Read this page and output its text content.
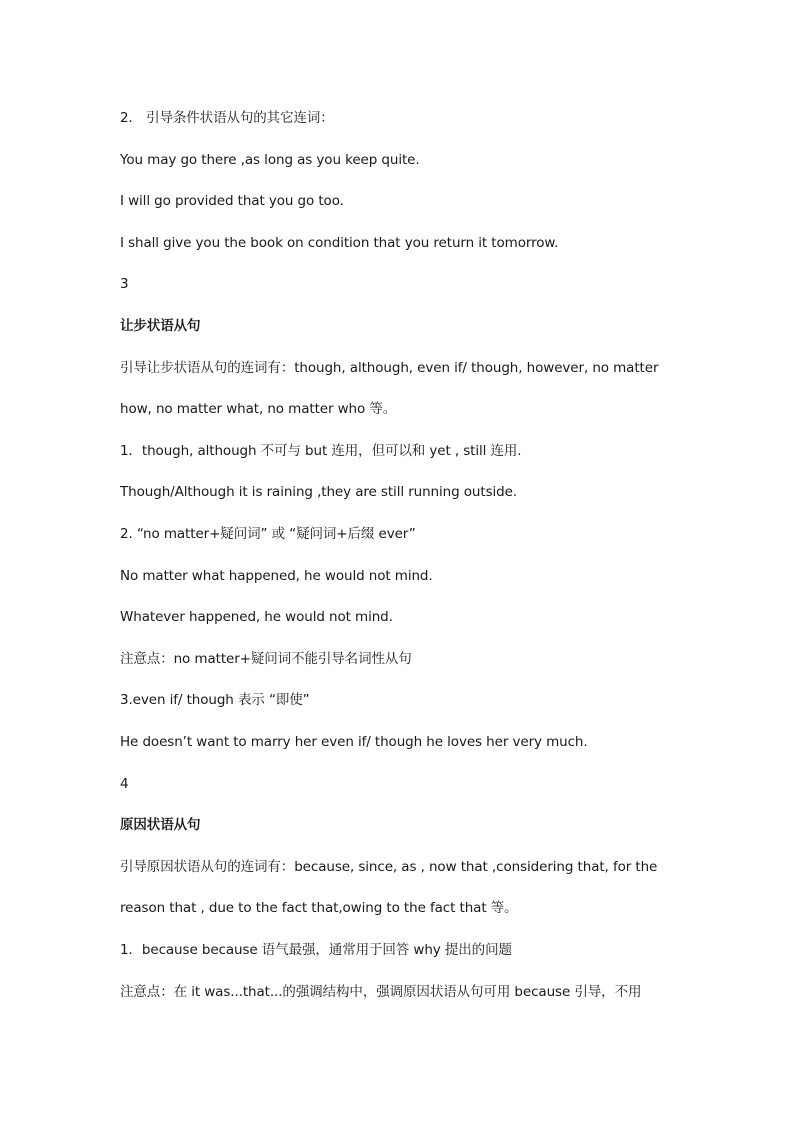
2． 引导条件状语从句的其它连词：
You may go there ,as long as you keep quite.
I will go provided that you go too.
I shall give you the book on condition that you return it tomorrow.
3
让步状语从句
引导让步状语从句的连词有：though, although, even if/ though, however, no matter
how, no matter what, no matter who 等。
1．though, although 不可与 but 连用，但可以和 yet , still 连用.
Though/Although it is raining ,they are still running outside.
2. “no matter+疑问词” 或 “疑问词+后缀 ever”
No matter what happened, he would not mind.
Whatever happened, he would not mind.
注意点：no matter+疑问词不能引导名词性从句
3.even if/ though 表示 “即使”
He doesn’t want to marry her even if/ though he loves her very much.
4
原因状语从句
引导原因状语从句的连词有：because, since, as , now that ,considering that, for the
reason that , due to the fact that,owing to the fact that 等。
1．because because 语气最强，通常用于回答 why 提出的问题
注意点：在 it was...that...的强调结构中，强调原因状语从句可用 because 引导，不用
